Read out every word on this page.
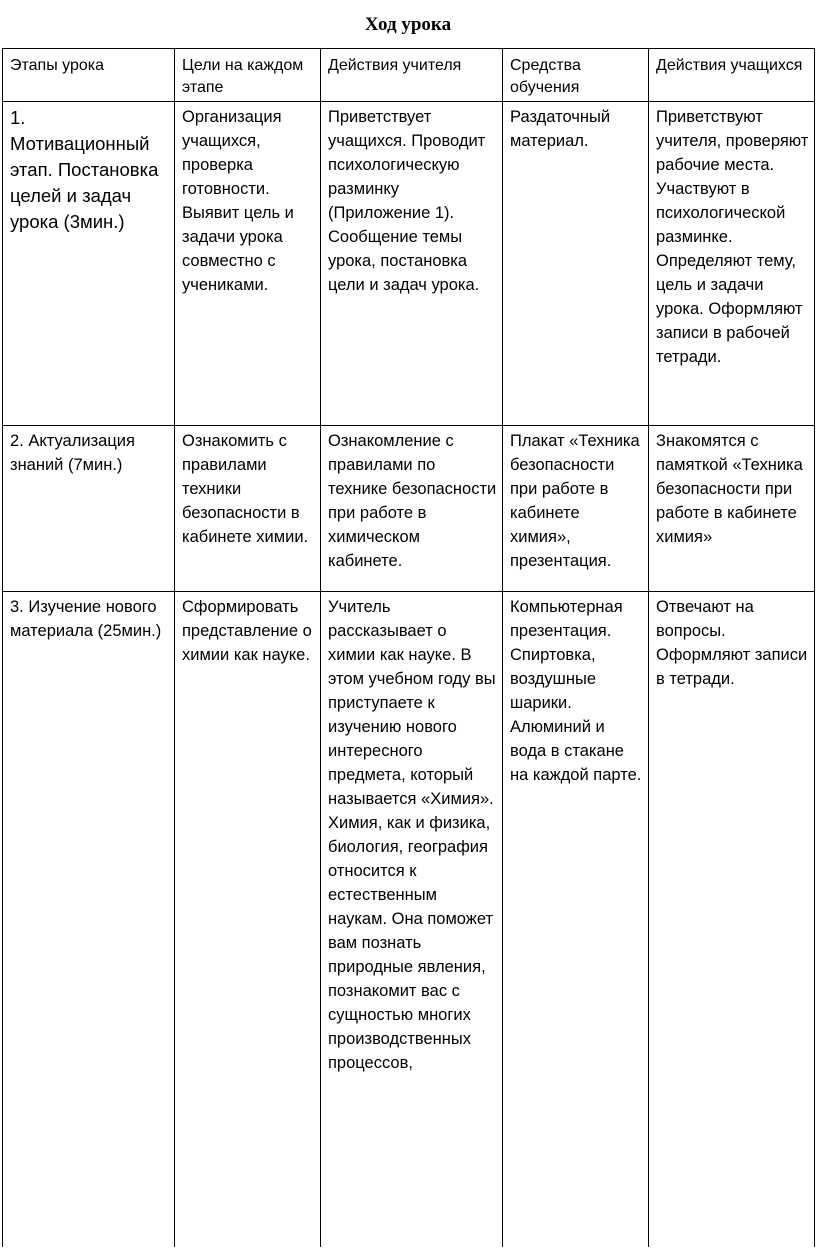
Ход урока
Этапы урока	Цели на каждом этапе	Действия учителя	Средства обучения	Действия учащихся
1. Мотивационный этап. Постановка целей и задач урока (3мин.)	Организация учащихся, проверка готовности. Выявит цель и задачи урока совместно с учениками.	Приветствует учащихся. Проводит психологическую разминку (Приложение 1). Сообщение темы урока, постановка цели и задач урока.	Раздаточный материал.	Приветствуют учителя, проверяют рабочие места. Участвуют в психологической разминке. Определяют тему, цель и задачи урока. Оформляют записи в рабочей тетради.
2. Актуализация знаний (7мин.)	Ознакомить с правилами техники безопасности в кабинете химии.	Ознакомление с правилами по технике безопасности при работе в химическом кабинете.	Плакат «Техника безопасности при работе в кабинете химия», презентация.	Знакомятся с памяткой «Техника безопасности при работе в кабинете химия»
3. Изучение нового материала (25мин.)	Сформировать представление о химии как науке.	Учитель рассказывает о химии как науке. В этом учебном году вы приступаете к изучению нового интересного предмета, который называется «Химия». Химия, как и физика, биология, география относится к естественным наукам. Она поможет вам познать природные явления, познакомит вас с сущностью многих производственных процессов,	Компьютерная презентация. Спиртовка, воздушные шарики. Алюминий и вода в стакане на каждой парте.	Отвечают на вопросы. Оформляют записи в тетради.
